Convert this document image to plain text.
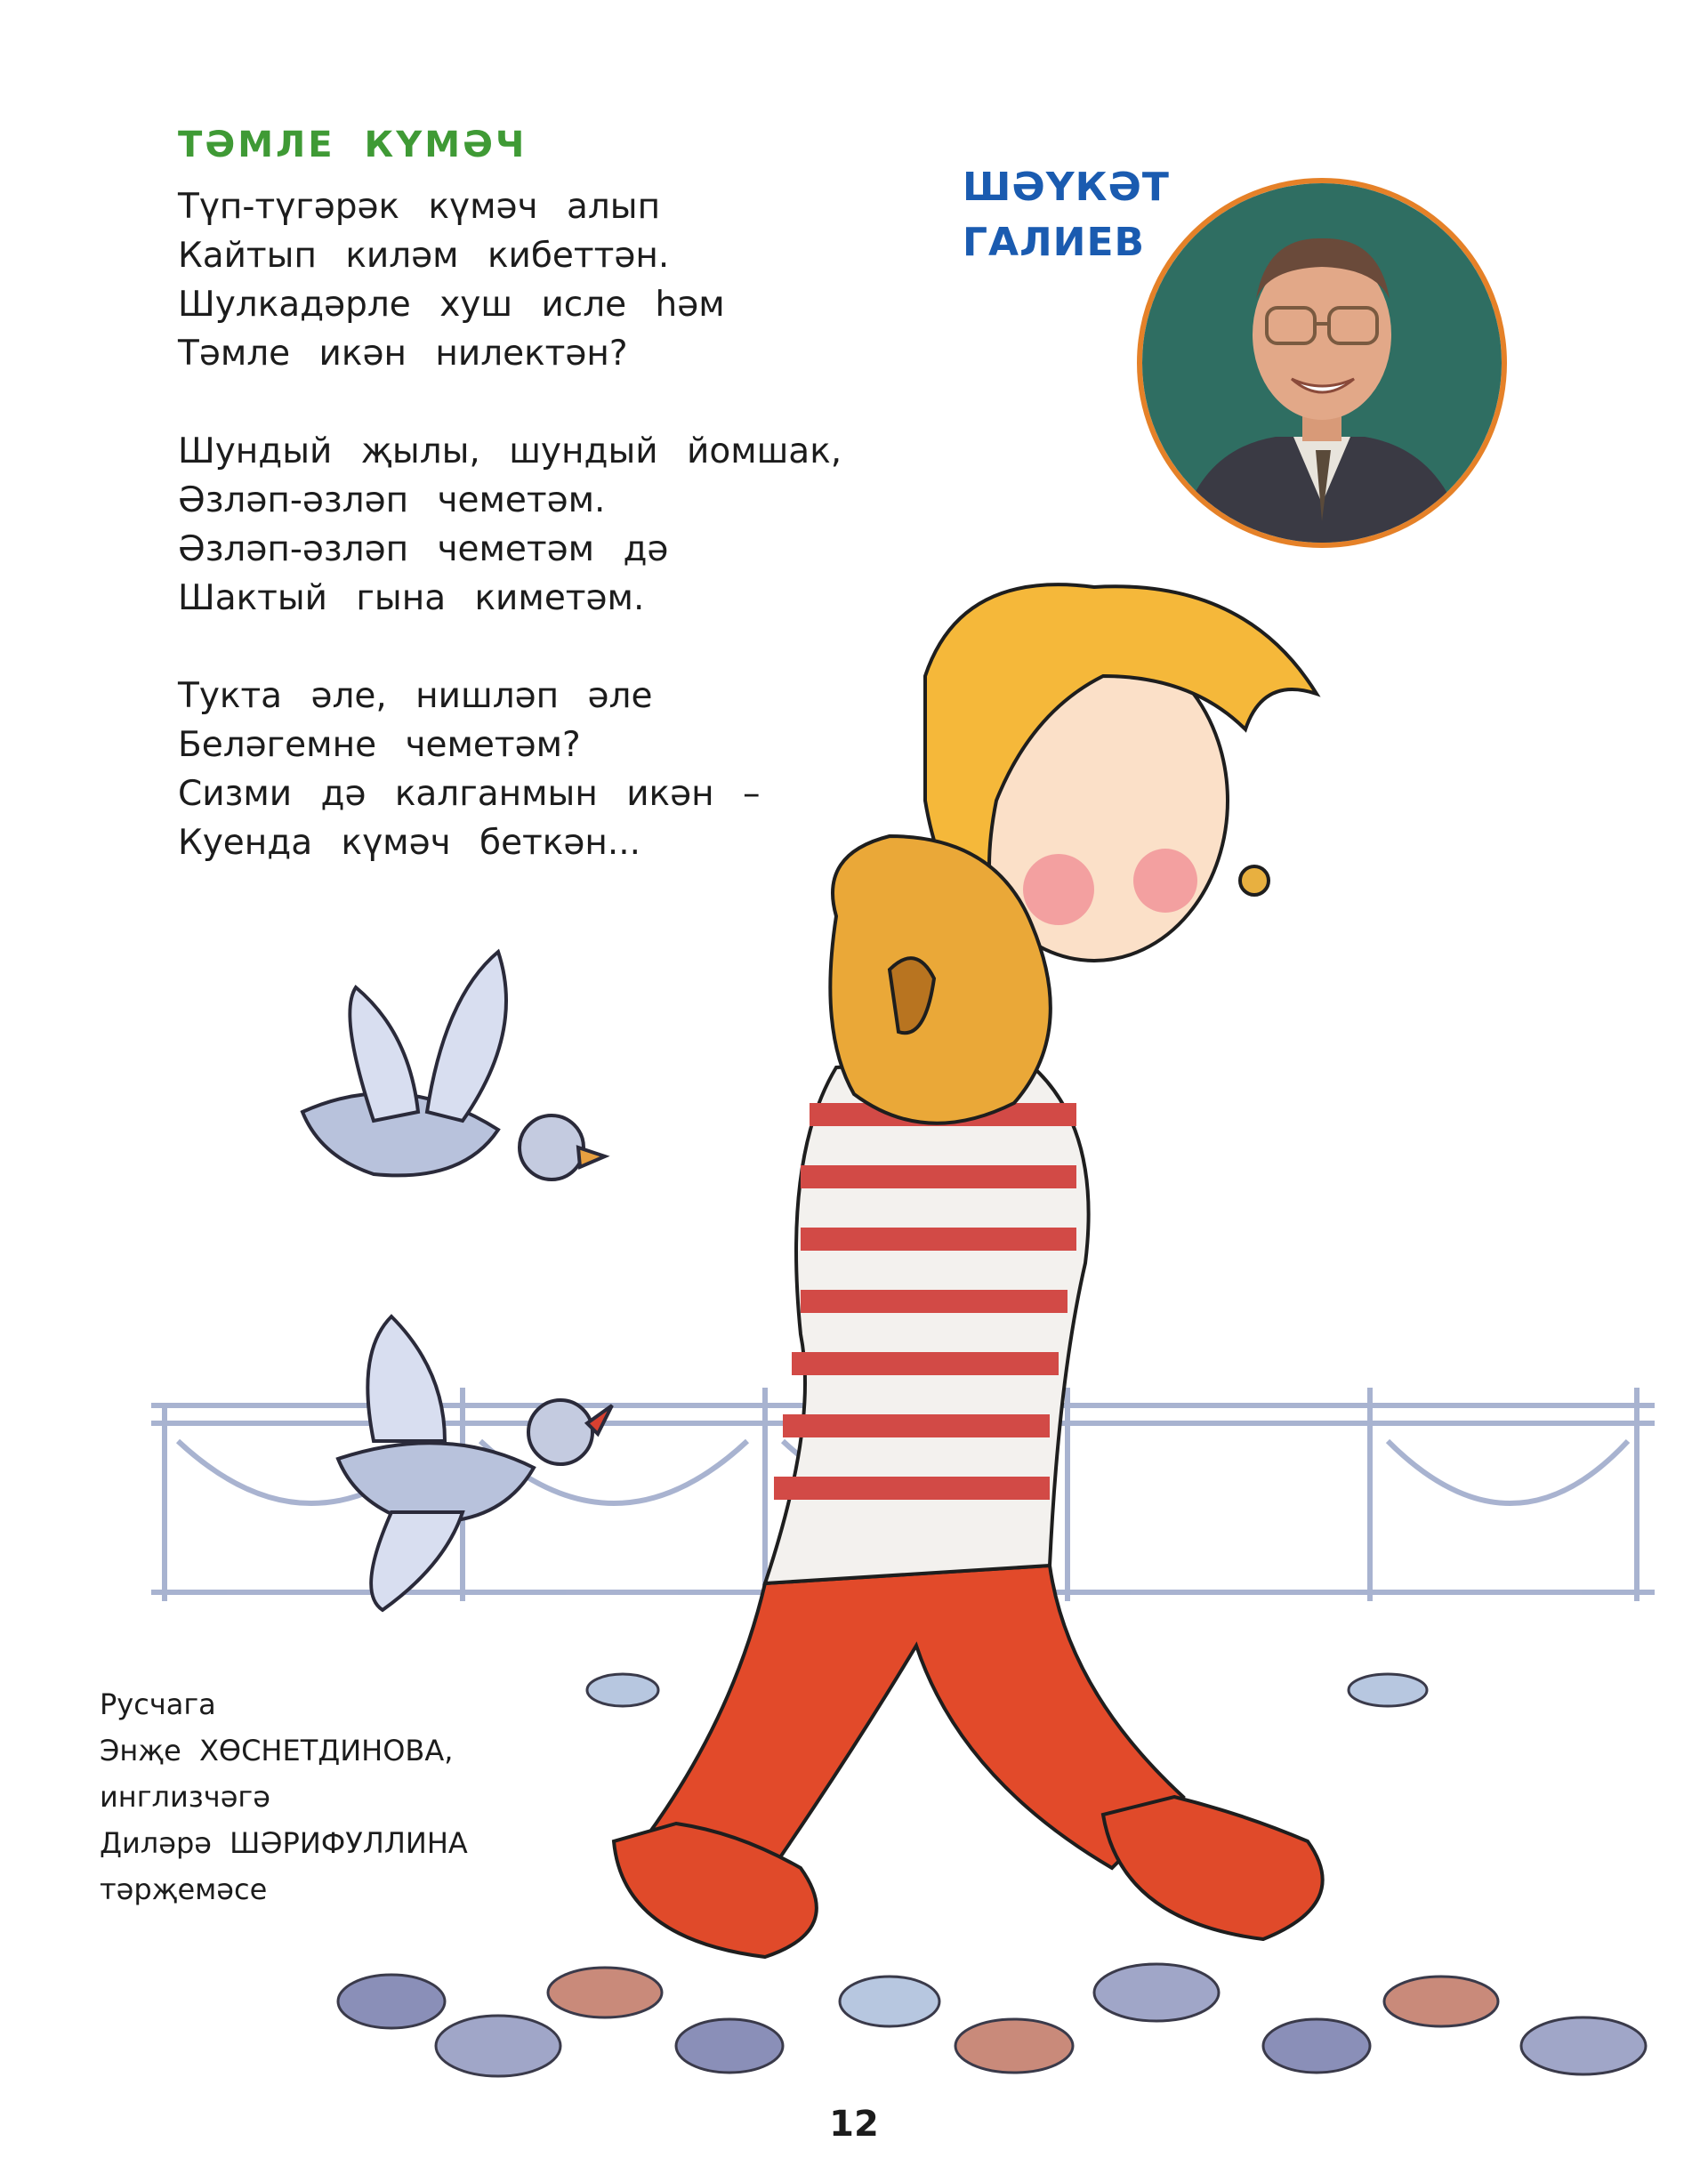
ТӘМЛЕ КҮМӘЧ
Түп-түгәрәк күмәч алып
Кайтып киләм кибеттән.
Шулкадәрле хуш исле һәм
Тәмле икән нилектән?
Шундый җылы, шундый йомшак,
Әзләп-әзләп чеметәм.
Әзләп-әзләп чеметәм дә
Шактый гына киметәм.
Тукта әле, нишләп әле
Беләгемне чеметәм?
Сизми дә калганмын икән –
Куенда күмәч беткән...
ШӘҮКӘТ
ГАЛИЕВ
Русчага
Энҗе ХӨСНЕТДИНОВА,
инглизчәгә
Диләрә ШӘРИФУЛЛИНА
тәрҗемәсе
12
